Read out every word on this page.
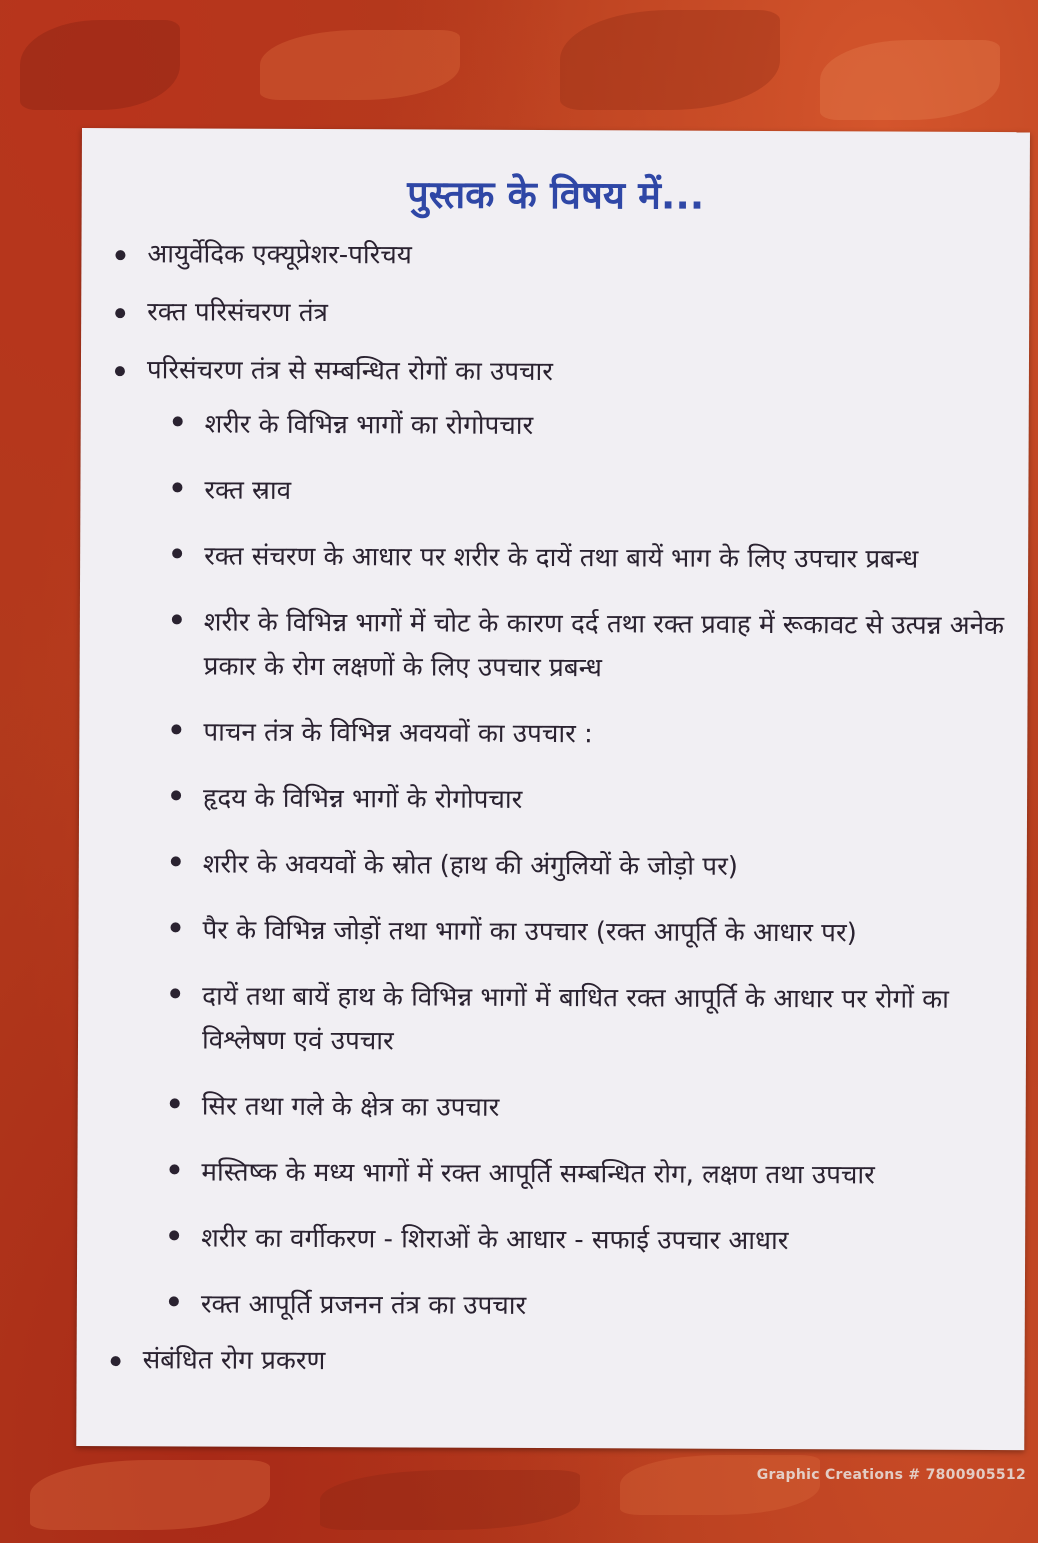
पुस्तक के विषय में...
आयुर्वेदिक एक्यूप्रेशर-परिचय
रक्त परिसंचरण तंत्र
परिसंचरण तंत्र से सम्बन्धित रोगों का उपचार
शरीर के विभिन्न भागों का रोगोपचार
रक्त स्राव
रक्त संचरण के आधार पर शरीर के दायें तथा बायें भाग के लिए उपचार प्रबन्ध
शरीर के विभिन्न भागों में चोट के कारण दर्द तथा रक्त प्रवाह में रूकावट से उत्पन्न अनेक प्रकार के रोग लक्षणों के लिए उपचार प्रबन्ध
पाचन तंत्र के विभिन्न अवयवों का उपचार :
हृदय के विभिन्न भागों के रोगोपचार
शरीर के अवयवों के स्रोत (हाथ की अंगुलियों के जोड़ो पर)
पैर के विभिन्न जोड़ों तथा भागों का उपचार (रक्त आपूर्ति के आधार पर)
दायें तथा बायें हाथ के विभिन्न भागों में बाधित रक्त आपूर्ति के आधार पर रोगों का विश्लेषण एवं उपचार
सिर तथा गले के क्षेत्र का उपचार
मस्तिष्क के मध्य भागों में रक्त आपूर्ति सम्बन्धित रोग, लक्षण तथा उपचार
शरीर का वर्गीकरण - शिराओं के आधार - सफाई उपचार आधार
रक्त आपूर्ति प्रजनन तंत्र का उपचार
संबंधित रोग प्रकरण
Graphic Creations # 7800905512
